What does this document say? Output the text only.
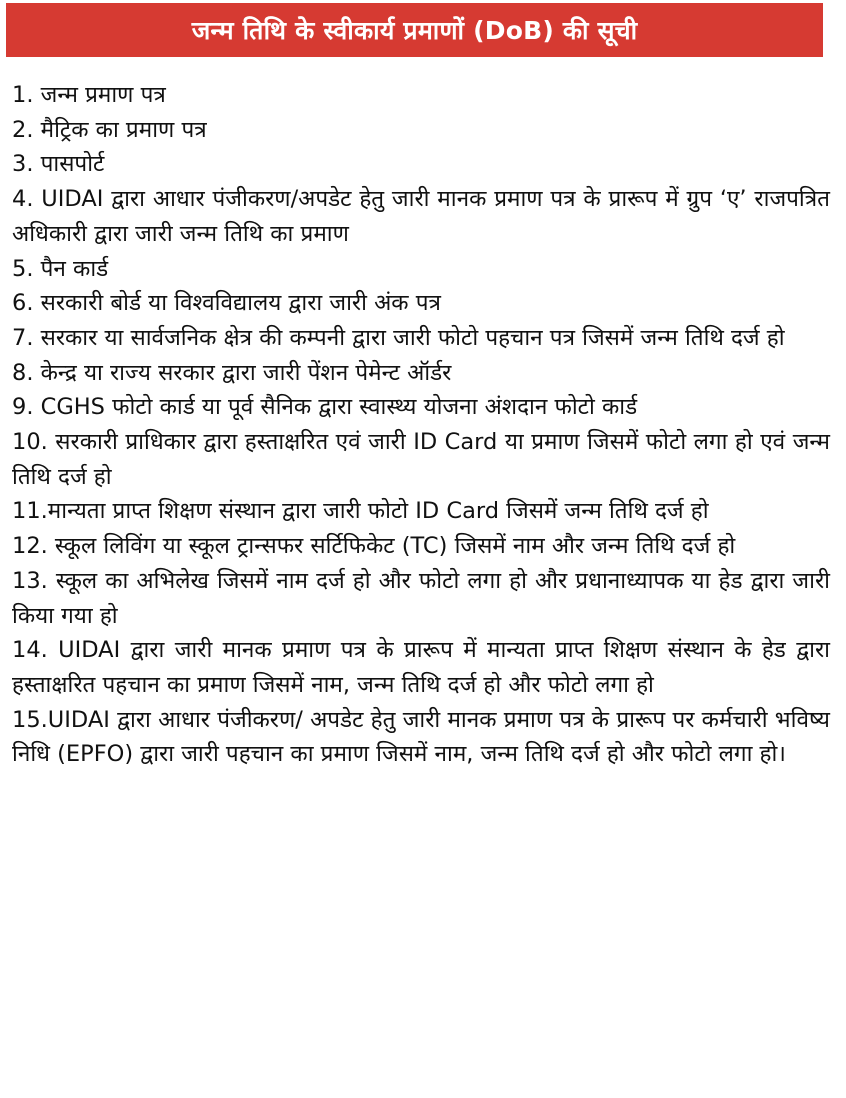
जन्म तिथि के स्वीकार्य प्रमाणों (DoB) की सूची
1. जन्म प्रमाण पत्र
2. मैट्रिक का प्रमाण पत्र
3. पासपोर्ट
4. UIDAI द्वारा आधार पंजीकरण/अपडेट हेतु जारी मानक प्रमाण पत्र के प्रारूप में ग्रुप ‘ए’ राजपत्रित अधिकारी द्वारा जारी जन्म तिथि का प्रमाण
5. पैन कार्ड
6. सरकारी बोर्ड या विश्वविद्यालय द्वारा जारी अंक पत्र
7. सरकार या सार्वजनिक क्षेत्र की कम्पनी द्वारा जारी फोटो पहचान पत्र जिसमें जन्म तिथि दर्ज हो
8. केन्द्र या राज्य सरकार द्वारा जारी पेंशन पेमेन्ट ऑर्डर
9. CGHS फोटो कार्ड या पूर्व सैनिक द्वारा स्वास्थ्य योजना अंशदान फोटो कार्ड
10. सरकारी प्राधिकार द्वारा हस्ताक्षरित एवं जारी ID Card या प्रमाण जिसमें फोटो लगा हो एवं जन्म तिथि दर्ज हो
11.मान्यता प्राप्त शिक्षण संस्थान द्वारा जारी फोटो ID Card जिसमें जन्म तिथि दर्ज हो
12. स्कूल लिविंग या स्कूल ट्रान्सफर सर्टिफिकेट (TC) जिसमें नाम और जन्म तिथि दर्ज हो
13. स्कूल का अभिलेख जिसमें नाम दर्ज हो और फोटो लगा हो और प्रधानाध्यापक या हेड द्वारा जारी किया गया हो
14. UIDAI द्वारा जारी मानक प्रमाण पत्र के प्रारूप में मान्यता प्राप्त शिक्षण संस्थान के हेड द्वारा हस्ताक्षरित पहचान का प्रमाण जिसमें नाम, जन्म तिथि दर्ज हो और फोटो लगा हो
15.UIDAI द्वारा आधार पंजीकरण/ अपडेट हेतु जारी मानक प्रमाण पत्र के प्रारूप पर कर्मचारी भविष्य निधि (EPFO) द्वारा जारी पहचान का प्रमाण जिसमें नाम, जन्म तिथि दर्ज हो और फोटो लगा हो।
